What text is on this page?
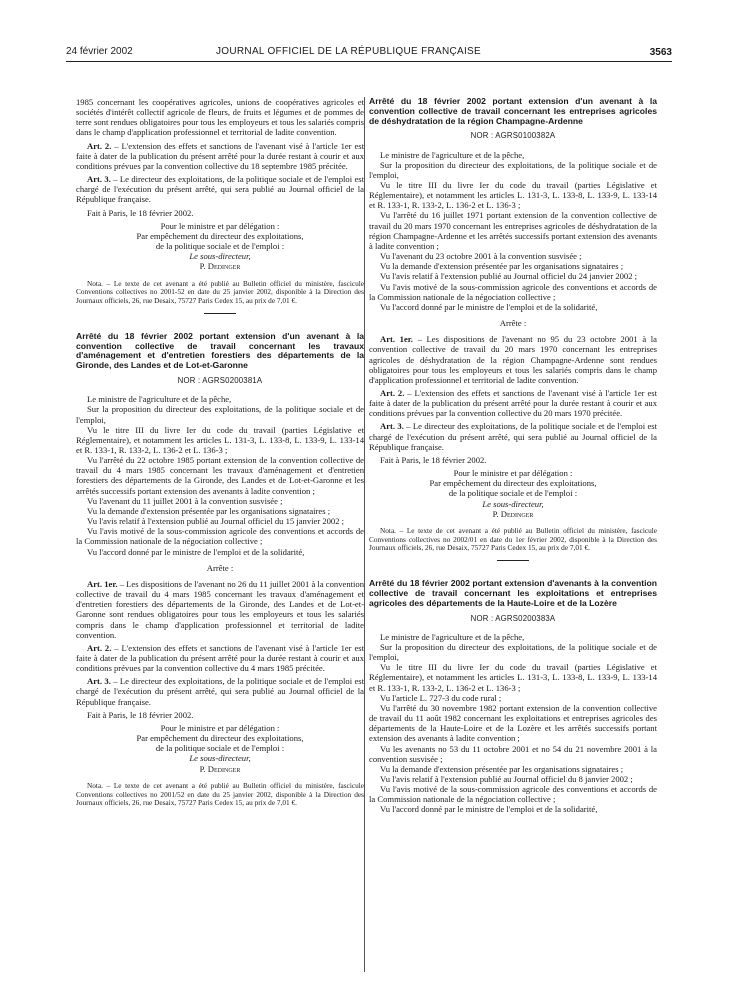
24 février 2002	JOURNAL OFFICIEL DE LA RÉPUBLIQUE FRANÇAISE	3563

1985 concernant les coopératives agricoles, unions de coopératives agricoles et sociétés d'intérêt collectif agricole de fleurs, de fruits et légumes et de pommes de terre sont rendues obligatoires pour tous les employeurs et tous les salariés compris dans le champ d'application professionnel et territorial de ladite convention.

Art. 2. – L'extension des effets et sanctions de l'avenant visé à l'article 1er est faite à dater de la publication du présent arrêté pour la durée restant à courir et aux conditions prévues par la convention collective du 18 septembre 1985 précitée.

Art. 3. – Le directeur des exploitations, de la politique sociale et de l'emploi est chargé de l'exécution du présent arrêté, qui sera publié au Journal officiel de la République française.

Fait à Paris, le 18 février 2002.

Pour le ministre et par délégation :

Par empêchement du directeur des exploitations,

de la politique sociale et de l'emploi :

Le sous-directeur,

P. Dedinger

Nota. – Le texte de cet avenant a été publié au Bulletin officiel du ministère, fascicule Conventions collectives no 2001-52 en date du 25 janvier 2002, disponible à la Direction des Journaux officiels, 26, rue Desaix, 75727 Paris Cedex 15, au prix de 7,01 €.

Arrêté du 18 février 2002 portant extension d'un avenant à la convention collective de travail concernant les travaux d'aménagement et d'entretien forestiers des départements de la Gironde, des Landes et de Lot-et-Garonne
NOR : AGRS0200381A

Le ministre de l'agriculture et de la pêche,

Sur la proposition du directeur des exploitations, de la politique sociale et de l'emploi,

Vu le titre III du livre Ier du code du travail (parties Législative et Réglementaire), et notamment les articles L. 131-3, L. 133-8, L. 133-9, L. 133-14 et R. 133-1, R. 133-2, L. 136-2 et L. 136-3 ;

Vu l'arrêté du 22 octobre 1985 portant extension de la convention collective de travail du 4 mars 1985 concernant les travaux d'aménagement et d'entretien forestiers des départements de la Gironde, des Landes et de Lot-et-Garonne et les arrêtés successifs portant extension des avenants à ladite convention ;

Vu l'avenant du 11 juillet 2001 à la convention susvisée ;

Vu la demande d'extension présentée par les organisations signataires ;

Vu l'avis relatif à l'extension publié au Journal officiel du 15 janvier 2002 ;

Vu l'avis motivé de la sous-commission agricole des conventions et accords de la Commission nationale de la négociation collective ;

Vu l'accord donné par le ministre de l'emploi et de la solidarité,

Arrête :

Art. 1er. – Les dispositions de l'avenant no 26 du 11 juillet 2001 à la convention collective de travail du 4 mars 1985 concernant les travaux d'aménagement et d'entretien forestiers des départements de la Gironde, des Landes et de Lot-et-Garonne sont rendues obligatoires pour tous les employeurs et tous les salariés compris dans le champ d'application professionnel et territorial de ladite convention.

Art. 2. – L'extension des effets et sanctions de l'avenant visé à l'article 1er est faite à dater de la publication du présent arrêté pour la durée restant à courir et aux conditions prévues par la convention collective du 4 mars 1985 précitée.

Art. 3. – Le directeur des exploitations, de la politique sociale et de l'emploi est chargé de l'exécution du présent arrêté, qui sera publié au Journal officiel de la République française.

Fait à Paris, le 18 février 2002.

Pour le ministre et par délégation :

Par empêchement du directeur des exploitations,

de la politique sociale et de l'emploi :

Le sous-directeur,

P. Dedinger

Nota. – Le texte de cet avenant a été publié au Bulletin officiel du ministère, fascicule Conventions collectives no 2001/52 en date du 25 janvier 2002, disponible à la Direction des Journaux officiels, 26, rue Desaix, 75727 Paris Cedex 15, au prix de 7,01 €.

Arrêté du 18 février 2002 portant extension d'un avenant à la convention collective de travail concernant les entreprises agricoles de déshydratation de la région Champagne-Ardenne
NOR : AGRS0100382A

Le ministre de l'agriculture et de la pêche,

Sur la proposition du directeur des exploitations, de la politique sociale et de l'emploi,

Vu le titre III du livre Ier du code du travail (parties Législative et Réglementaire), et notamment les articles L. 131-3, L. 133-8, L. 133-9, L. 133-14 et R. 133-1, R. 133-2, L. 136-2 et L. 136-3 ;

Vu l'arrêté du 16 juillet 1971 portant extension de la convention collective de travail du 20 mars 1970 concernant les entreprises agricoles de déshydratation de la région Champagne-Ardenne et les arrêtés successifs portant extension des avenants à ladite convention ;

Vu l'avenant du 23 octobre 2001 à la convention susvisée ;

Vu la demande d'extension présentée par les organisations signataires ;

Vu l'avis relatif à l'extension publié au Journal officiel du 24 janvier 2002 ;

Vu l'avis motivé de la sous-commission agricole des conventions et accords de la Commission nationale de la négociation collective ;

Vu l'accord donné par le ministre de l'emploi et de la solidarité,

Arrête :

Art. 1er. – Les dispositions de l'avenant no 95 du 23 octobre 2001 à la convention collective de travail du 20 mars 1970 concernant les entreprises agricoles de déshydratation de la région Champagne-Ardenne sont rendues obligatoires pour tous les employeurs et tous les salariés compris dans le champ d'application professionnel et territorial de ladite convention.

Art. 2. – L'extension des effets et sanctions de l'avenant visé à l'article 1er est faite à dater de la publication du présent arrêté pour la durée restant à courir et aux conditions prévues par la convention collective du 20 mars 1970 précitée.

Art. 3. – Le directeur des exploitations, de la politique sociale et de l'emploi est chargé de l'exécution du présent arrêté, qui sera publié au Journal officiel de la République française.

Fait à Paris, le 18 février 2002.

Pour le ministre et par délégation :

Par empêchement du directeur des exploitations,

de la politique sociale et de l'emploi :

Le sous-directeur,

P. Dedinger

Nota. – Le texte de cet avenant a été publié au Bulletin officiel du ministère, fascicule Conventions collectives no 2002/01 en date du 1er février 2002, disponible à la Direction des Journaux officiels, 26, rue Desaix, 75727 Paris Cedex 15, au prix de 7,01 €.

Arrêté du 18 février 2002 portant extension d'avenants à la convention collective de travail concernant les exploitations et entreprises agricoles des départements de la Haute-Loire et de la Lozère
NOR : AGRS0200383A

Le ministre de l'agriculture et de la pêche,

Sur la proposition du directeur des exploitations, de la politique sociale et de l'emploi,

Vu le titre III du livre Ier du code du travail (parties Législative et Réglementaire), et notamment les articles L. 131-3, L. 133-8, L. 133-9, L. 133-14 et R. 133-1, R. 133-2, L. 136-2 et L. 136-3 ;

Vu l'article L. 727-3 du code rural ;

Vu l'arrêté du 30 novembre 1982 portant extension de la convention collective de travail du 11 août 1982 concernant les exploitations et entreprises agricoles des départements de la Haute-Loire et de la Lozère et les arrêtés successifs portant extension des avenants à ladite convention ;

Vu les avenants no 53 du 11 octobre 2001 et no 54 du 21 novembre 2001 à la convention susvisée ;

Vu la demande d'extension présentée par les organisations signataires ;

Vu l'avis relatif à l'extension publié au Journal officiel du 8 janvier 2002 ;

Vu l'avis motivé de la sous-commission agricole des conventions et accords de la Commission nationale de la négociation collective ;

Vu l'accord donné par le ministre de l'emploi et de la solidarité,
